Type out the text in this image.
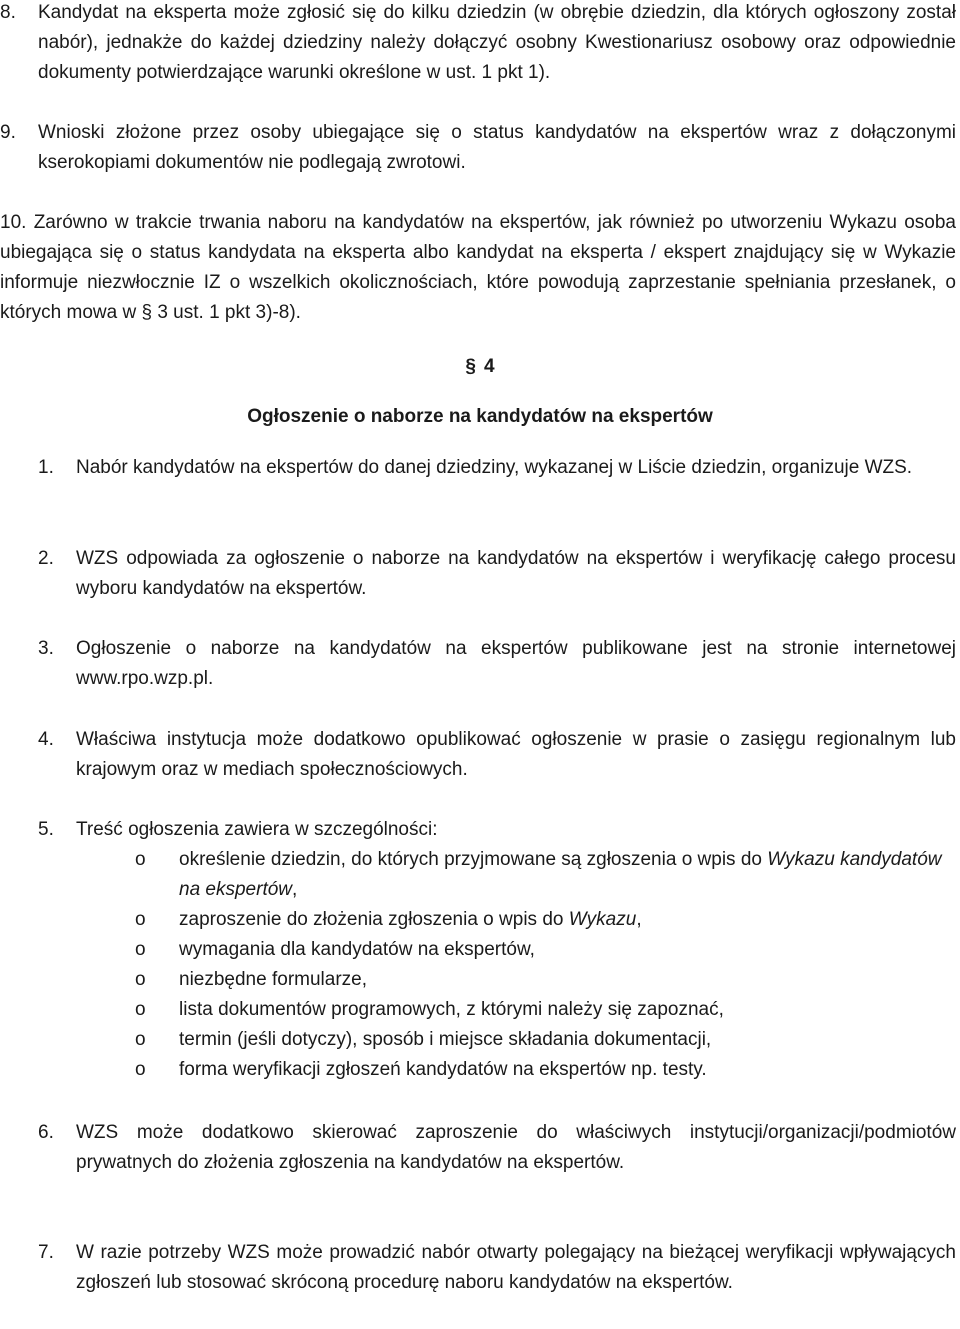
8. Kandydat na eksperta może zgłosić się do kilku dziedzin (w obrębie dziedzin, dla których ogłoszony został nabór), jednakże do każdej dziedziny należy dołączyć osobny Kwestionariusz osobowy oraz odpowiednie dokumenty potwierdzające warunki określone w ust. 1 pkt 1).
9. Wnioski złożone przez osoby ubiegające się o status kandydatów na ekspertów wraz z dołączonymi kserokopiami dokumentów nie podlegają zwrotowi.
10. Zarówno w trakcie trwania naboru na kandydatów na ekspertów, jak również po utworzeniu Wykazu osoba ubiegająca się o status kandydata na eksperta albo kandydat na eksperta / ekspert znajdujący się w Wykazie informuje niezwłocznie IZ o wszelkich okolicznościach, które powodują zaprzestanie spełniania przesłanek, o których mowa w § 3 ust. 1 pkt 3)-8).
§ 4
Ogłoszenie o naborze na kandydatów na ekspertów
1.	Nabór kandydatów na ekspertów do danej dziedziny, wykazanej w Liście dziedzin, organizuje WZS.
2.	WZS odpowiada za ogłoszenie o naborze na kandydatów na ekspertów i weryfikację całego procesu wyboru kandydatów na ekspertów.
3.	Ogłoszenie o naborze na kandydatów na ekspertów publikowane jest na stronie internetowej www.rpo.wzp.pl.
4.	Właściwa instytucja może dodatkowo opublikować ogłoszenie w prasie o zasięgu regionalnym lub krajowym oraz w mediach społecznościowych.
5.	Treść ogłoszenia zawiera w szczególności:
o określenie dziedzin, do których przyjmowane są zgłoszenia o wpis do Wykazu kandydatów na ekspertów,
o zaproszenie do złożenia zgłoszenia o wpis do Wykazu,
o wymagania dla kandydatów na ekspertów,
o niezbędne formularze,
o lista dokumentów programowych, z którymi należy się zapoznać,
o termin (jeśli dotyczy), sposób i miejsce składania dokumentacji,
o forma weryfikacji zgłoszeń kandydatów na ekspertów np. testy.
6.	WZS może dodatkowo skierować zaproszenie do właściwych instytucji/organizacji/podmiotów prywatnych do złożenia zgłoszenia na kandydatów na ekspertów.
7.	W razie potrzeby WZS może prowadzić nabór otwarty polegający na bieżącej weryfikacji wpływających zgłoszeń lub stosować skróconą procedurę naboru kandydatów na ekspertów.
